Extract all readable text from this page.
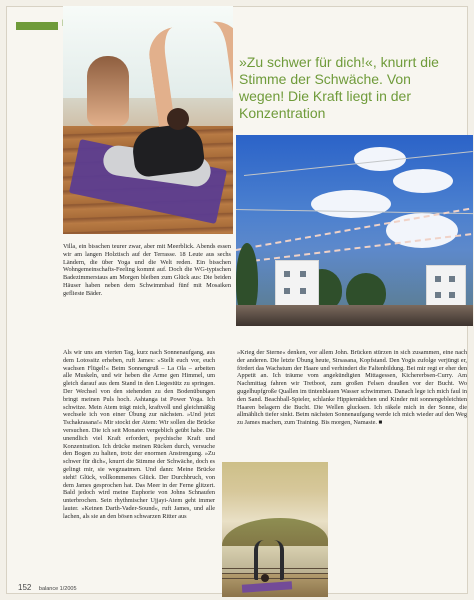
»Zu schwer für dich!«, knurrt die Stimme der Schwäche. Von wegen! Die Kraft liegt in der Konzentration
Villa, ein bisschen teurer zwar, aber mit Meerblick. Abends essen wir am langen Holztisch auf der Terrasse. 18 Leute aus sechs Ländern, die über Yoga und die Welt reden. Ein bisschen Wohngemeinschafts-Feeling kommt auf. Doch die WG-typischen Badezimmerstaus am Morgen bleiben zum Glück aus: Die beiden Häuser haben neben dem Schwimmbad fünf mit Mosaiken geflieste Bäder.
Als wir uns am vierten Tag, kurz nach Sonnenaufgang, aus dem Lotossitz erheben, ruft James: »Stellt euch vor, euch wachsen Flügel!« Beim Sonnengruß – La Ola – arbeiten alle Muskeln, und wir heben die Arme gen Himmel, um gleich darauf aus dem Stand in den Liegestütz zu springen. Der Wechsel von den stehenden zu den Bodenübungen bringt meinen Puls hoch. Ashtanga ist Power Yoga. Ich schwitze. Mein Atem trägt mich, kraftvoll und gleichmäßig wechsele ich von einer Übung zur nächsten. »Und jetzt Tschakrasana!« Mir stockt der Atem: Wir sollen die Brücke versuchen. Die ich seit Monaten vergeblich geübt habe. Die unendlich viel Kraft erfordert, psychische Kraft und Konzentration. Ich drücke meinen Rücken durch, versuche den Bogen zu halten, trotz der enormen Anstrengung. »Zu schwer für dich«, knurrt die Stimme der Schwäche, doch es gelingt mir, sie wegzuatmen. Und dann: Meine Brücke steht! Glück, vollkommenes Glück. Der Durchbruch, von dem James gesprochen hat. Das Meer in der Ferne glitzert. Bald jedoch wird meine Euphorie von Johns Schnaufen unterbrochen. Sein rhythmischer Ujjayi-Atem geht immer lauter. »Keinen Darth-Vader-Sound«, ruft James, und alle lachen, als sie an den bösen schwarzen Ritter aus
»Krieg der Sterne« denken, vor allem John. Brücken stürzen in sich zusammen, eine nach der anderen. Die letzte Übung heute, Sirsasana, Kopfstand. Den Yogis zufolge verjüngt er, fördert das Wachstum der Haare und verhindert die Faltenbildung. Bei mir regt er eher den Appetit an. Ich träume vom angekündigten Mittagessen, Kichererbsen-Curry. Am Nachmittag fahren wir Tretboot, zum großen Felsen draußen vor der Bucht. Wo gugelhupfgroße Quallen im tintenblauen Wasser schwimmen. Danach lege ich mich faul in den Sand. Beachball-Spieler, schlanke Hippiemädchen und Kinder mit sonnengebleichten Haaren belagern die Bucht. Die Wellen glucksen. Ich räkele mich in der Sonne, die allmählich tiefer sinkt. Beim nächsten Sonnenaufgang werde ich mich wieder auf den Weg zu James machen, zum Training. Bis morgen, Namaste. ■
152 balance 1/2005
